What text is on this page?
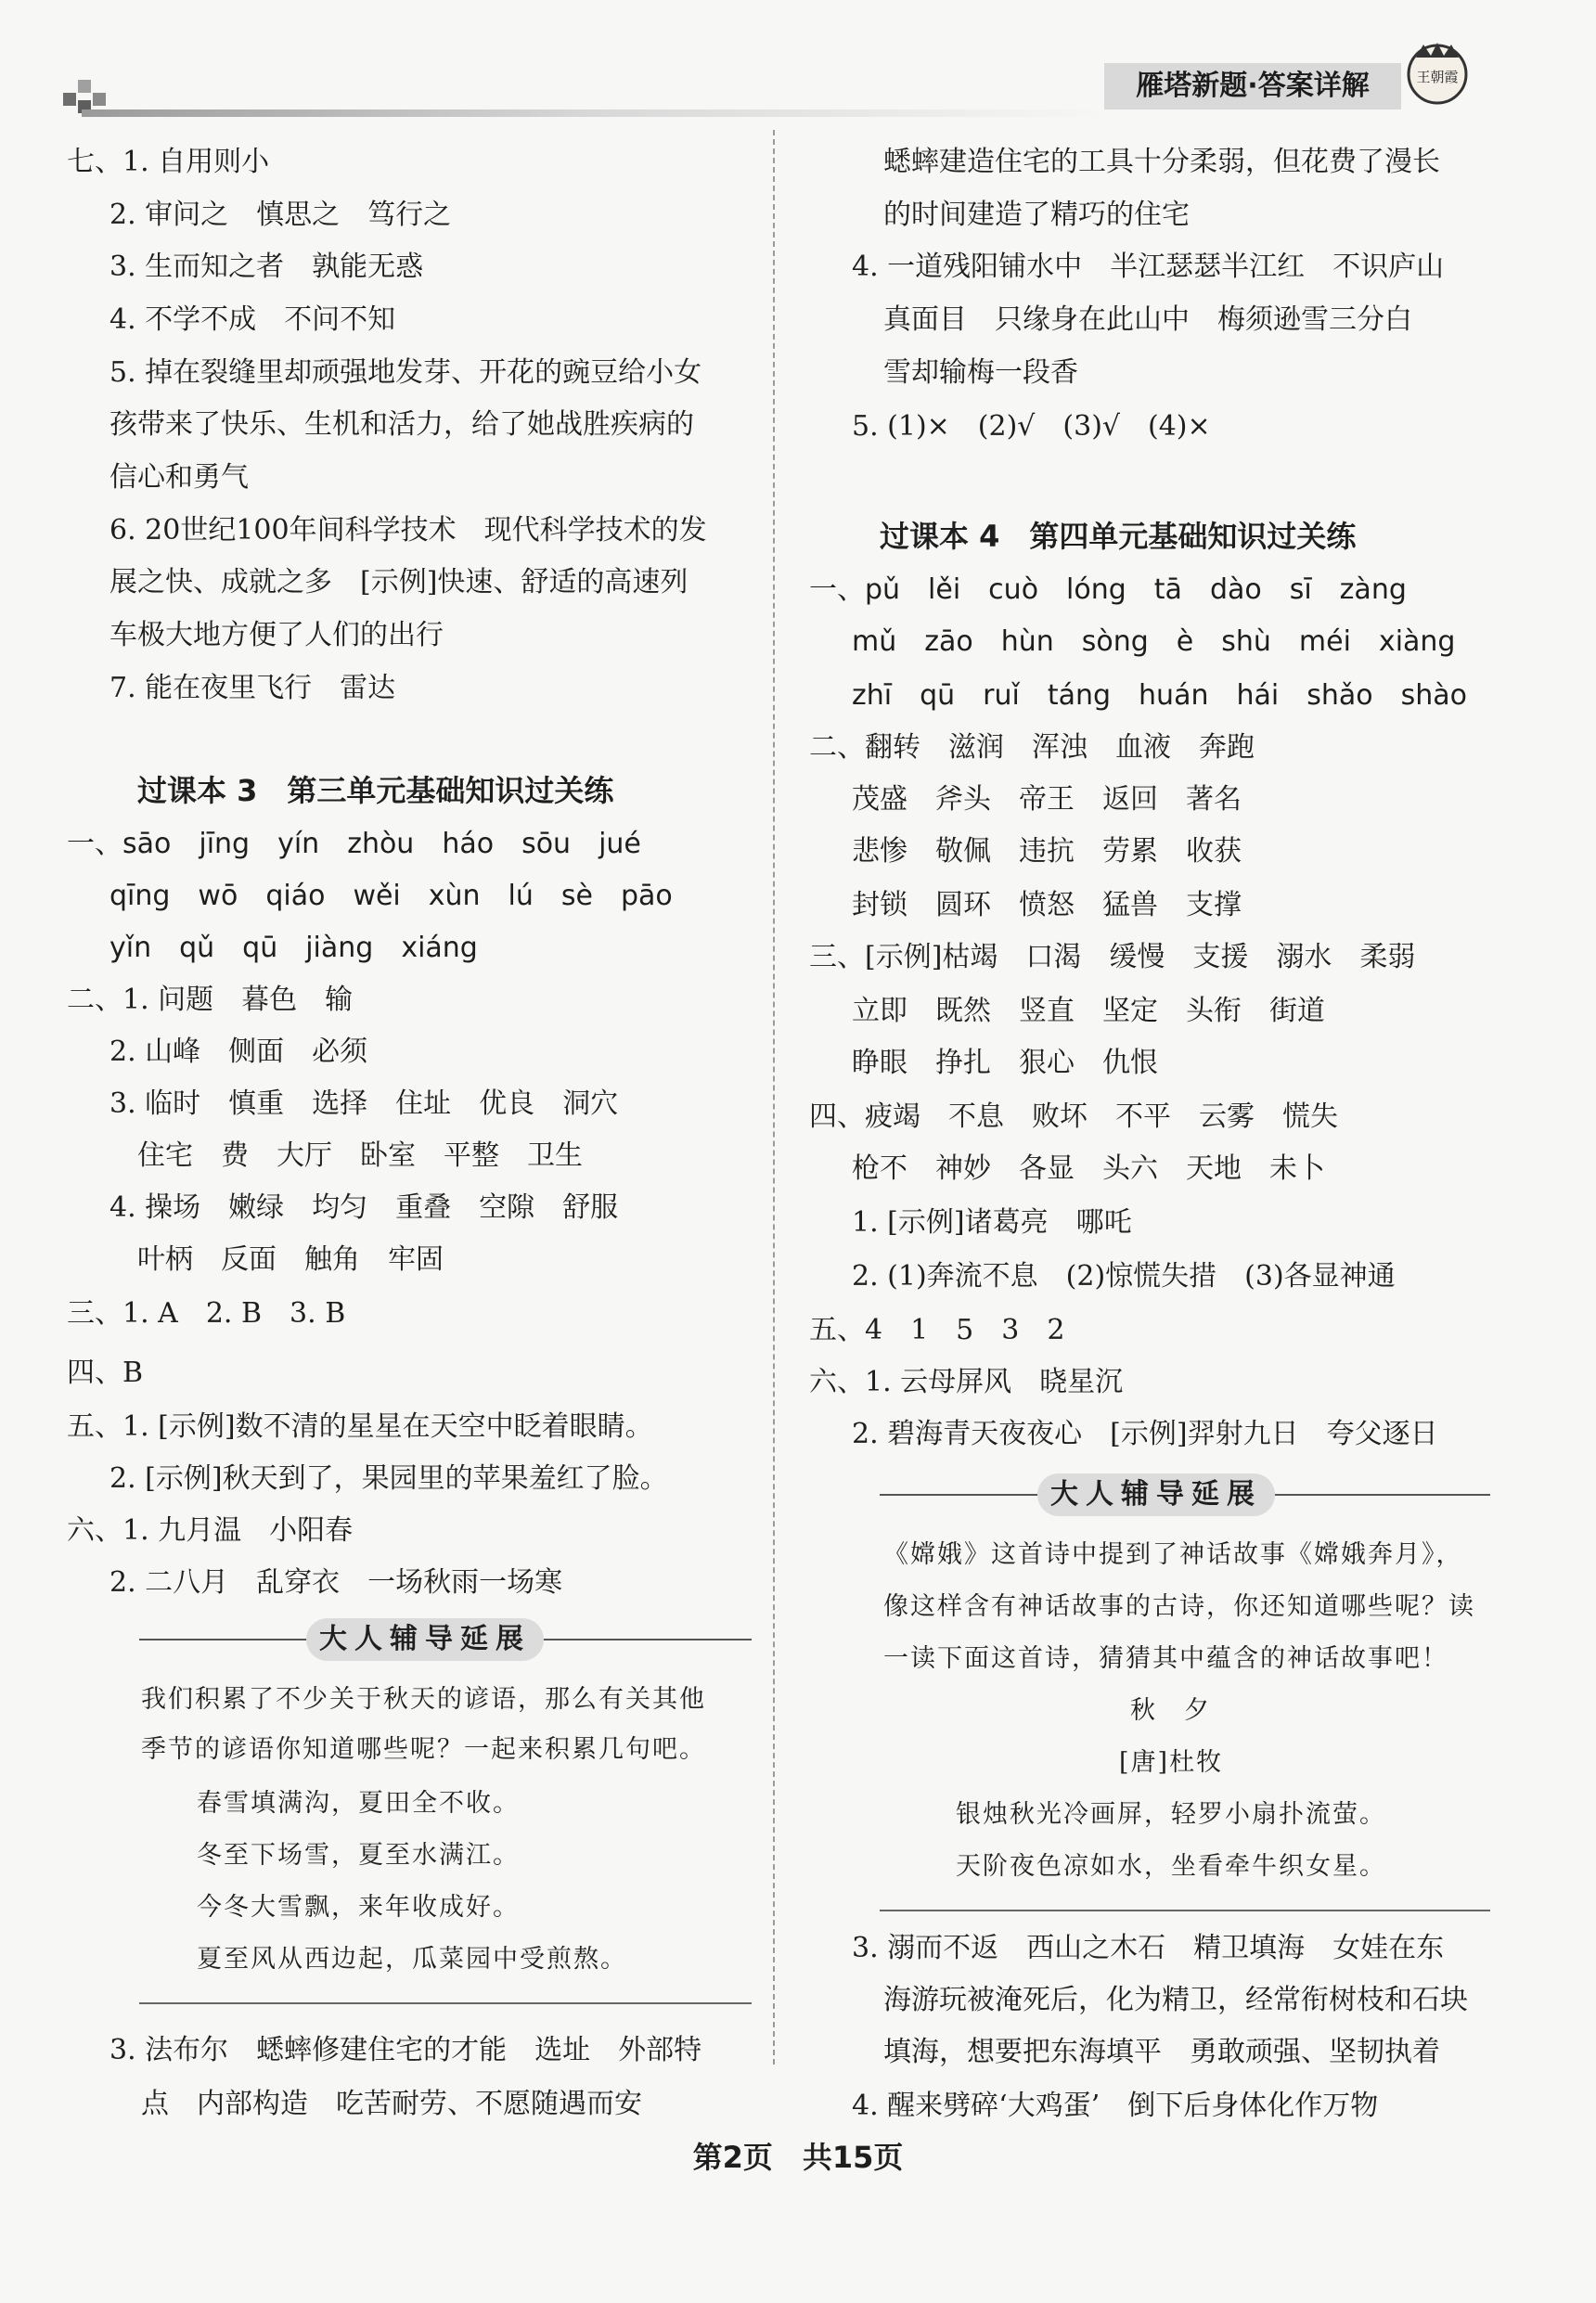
雁塔新题·答案详解	王朝霞
七、1. 自用则小
2. 审问之　慎思之　笃行之
3. 生而知之者　孰能无惑
4. 不学不成　不问不知
5. 掉在裂缝里却顽强地发芽、开花的豌豆给小女
孩带来了快乐、生机和活力，给了她战胜疾病的
信心和勇气
6. 20世纪100年间科学技术　现代科学技术的发
展之快、成就之多　[示例]快速、舒适的高速列
车极大地方便了人们的出行
7. 能在夜里飞行　雷达
过课本 3　第三单元基础知识过关练
一、sāo　jīng　yín　zhòu　háo　sōu　jué
qīng　wō　qiáo　wěi　xùn　lú　sè　pāo
yǐn　qǔ　qū　jiàng　xiáng
二、1. 问题　暮色　输
2. 山峰　侧面　必须
3. 临时　慎重　选择　住址　优良　洞穴
住宅　费　大厅　卧室　平整　卫生
4. 操场　嫩绿　均匀　重叠　空隙　舒服
叶柄　反面　触角　牢固
三、1. A　2. B　3. B
四、B
五、1. [示例]数不清的星星在天空中眨着眼睛。
2. [示例]秋天到了，果园里的苹果羞红了脸。
六、1. 九月温　小阳春
2. 二八月　乱穿衣　一场秋雨一场寒
大人辅导延展
我们积累了不少关于秋天的谚语，那么有关其他
季节的谚语你知道哪些呢？一起来积累几句吧。
春雪填满沟，夏田全不收。
冬至下场雪，夏至水满江。
今冬大雪飘，来年收成好。
夏至风从西边起，瓜菜园中受煎熬。
3. 法布尔　蟋蟀修建住宅的才能　选址　外部特
点　内部构造　吃苦耐劳、不愿随遇而安
蟋蟀建造住宅的工具十分柔弱，但花费了漫长
的时间建造了精巧的住宅
4. 一道残阳铺水中　半江瑟瑟半江红　不识庐山
真面目　只缘身在此山中　梅须逊雪三分白
雪却输梅一段香
5. (1)×　(2)√　(3)√　(4)×
过课本 4　第四单元基础知识过关练
一、pǔ　lěi　cuò　lóng　tā　dào　sī　zàng
mǔ　zāo　hùn　sòng　è　shù　méi　xiàng
zhī　qū　ruǐ　táng　huán　hái　shǎo　shào
二、翻转　滋润　浑浊　血液　奔跑
茂盛　斧头　帝王　返回　著名
悲惨　敬佩　违抗　劳累　收获
封锁　圆环　愤怒　猛兽　支撑
三、[示例]枯竭　口渴　缓慢　支援　溺水　柔弱
立即　既然　竖直　坚定　头衔　街道
睁眼　挣扎　狠心　仇恨
四、疲竭　不息　败坏　不平　云雾　慌失
枪不　神妙　各显　头六　天地　未卜
1. [示例]诸葛亮　哪吒
2. (1)奔流不息　(2)惊慌失措　(3)各显神通
五、4　1　5　3　2
六、1. 云母屏风　晓星沉
2. 碧海青天夜夜心　[示例]羿射九日　夸父逐日
大人辅导延展
《嫦娥》这首诗中提到了神话故事《嫦娥奔月》，
像这样含有神话故事的古诗，你还知道哪些呢？读
一读下面这首诗，猜猜其中蕴含的神话故事吧！
秋　夕
[唐]杜牧
银烛秋光冷画屏，轻罗小扇扑流萤。
天阶夜色凉如水，坐看牵牛织女星。
3. 溺而不返　西山之木石　精卫填海　女娃在东
海游玩被淹死后，化为精卫，经常衔树枝和石块
填海，想要把东海填平　勇敢顽强、坚韧执着
4. 醒来劈碎‘大鸡蛋’　倒下后身体化作万物
第2页　共15页
